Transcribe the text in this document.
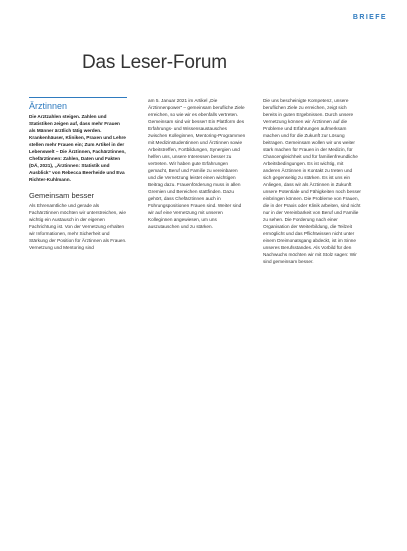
BRIEFE
Das Leser-Forum
Ärztinnen

Die Arztzahlen steigen. Zahlen und Statistiken zeigen auf, dass mehr Frauen als Männer ärztlich tätig werden. Krankenhäuser, Kliniken, Praxen und Lehre stellen mehr Frauen ein; Zum Artikel in der Lebenswelt – Die Ärztinnen, Fachärztinnen, Chefärztinnen: Zahlen, Daten und Fakten (DÄ, 2021), „Ärztinnen: Statistik und Ausblick“ von Rebecca Beerheide und Eva Richter-Kuhlmann.

Gemeinsam besser

Als Ehrenamtliche und gerade als Fachärztinnen möchten wir unterstreichen, wie wichtig ein Austausch in der eigenen Fachrichtung ist. Von der Vernetzung erhalten wir Informationen, mehr Sicherheit und Stärkung der Position für Ärztinnen als Frauen. Vernetzung und Mentoring sind

am 5. Januar 2021 im Artikel „Die Ärztinnenpower“ – gemeinsam berufliche Ziele erreichen, so wie wir es ebenfalls vertreten. Gemeinsam sind wir besser! Ein Plattform des Erfahrungs- und Wissensaustausches zwischen Kolleginnen, Mentoring-Programmen mit Medizinstudentinnen und Ärztinnen sowie Arbeitstreffen, Fortbildungen, Synergien und helfen uns, unsere Interessen besser zu vertreten. Wir haben gute Erfahrungen gemacht, Beruf und Familie zu vereinbaren und die Vernetzung leistet einen wichtigen Beitrag dazu. Frauenförderung muss in allen Gremien und Bereichen stattfinden. Dazu gehört, dass Chefärztinnen auch in Führungspositionen Frauen sind. Weiter sind wir auf eine Vernetzung mit unseren Kolleginnen angewiesen, um uns auszutauschen und zu stärken.

Die uns bescheinigte Kompetenz, unsere beruflichen Ziele zu erreichen, zeigt sich bereits in guten Ergebnissen. Durch unsere Vernetzung können wir Ärztinnen auf die Probleme und Erfahrungen aufmerksam machen und für die Zukunft zur Lösung beitragen. Gemeinsam wollen wir uns weiter stark machen für Frauen in der Medizin, für Chancengleichheit und für familienfreundliche Arbeitsbedingungen. Es ist wichtig, mit anderen Ärztinnen in Kontakt zu treten und sich gegenseitig zu stärken. Es ist uns ein Anliegen, dass wir als Ärztinnen in Zukunft unsere Potentiale und Fähigkeiten noch besser einbringen können. Die Probleme von Frauen, die in der Praxis oder Klinik arbeiten, sind nicht nur in der Vereinbarkeit von Beruf und Familie zu sehen. Die Forderung nach einer Organisation der Weiterbildung, die Teilzeit ermöglicht und das Pflichtwissen nicht unter einem Dreimonatsgang abdeckt, ist im Sinne unseres Berufsstandes. Als Vorbild für den Nachwuchs möchten wir mit Stolz sagen: Wir sind gemeinsam besser.
